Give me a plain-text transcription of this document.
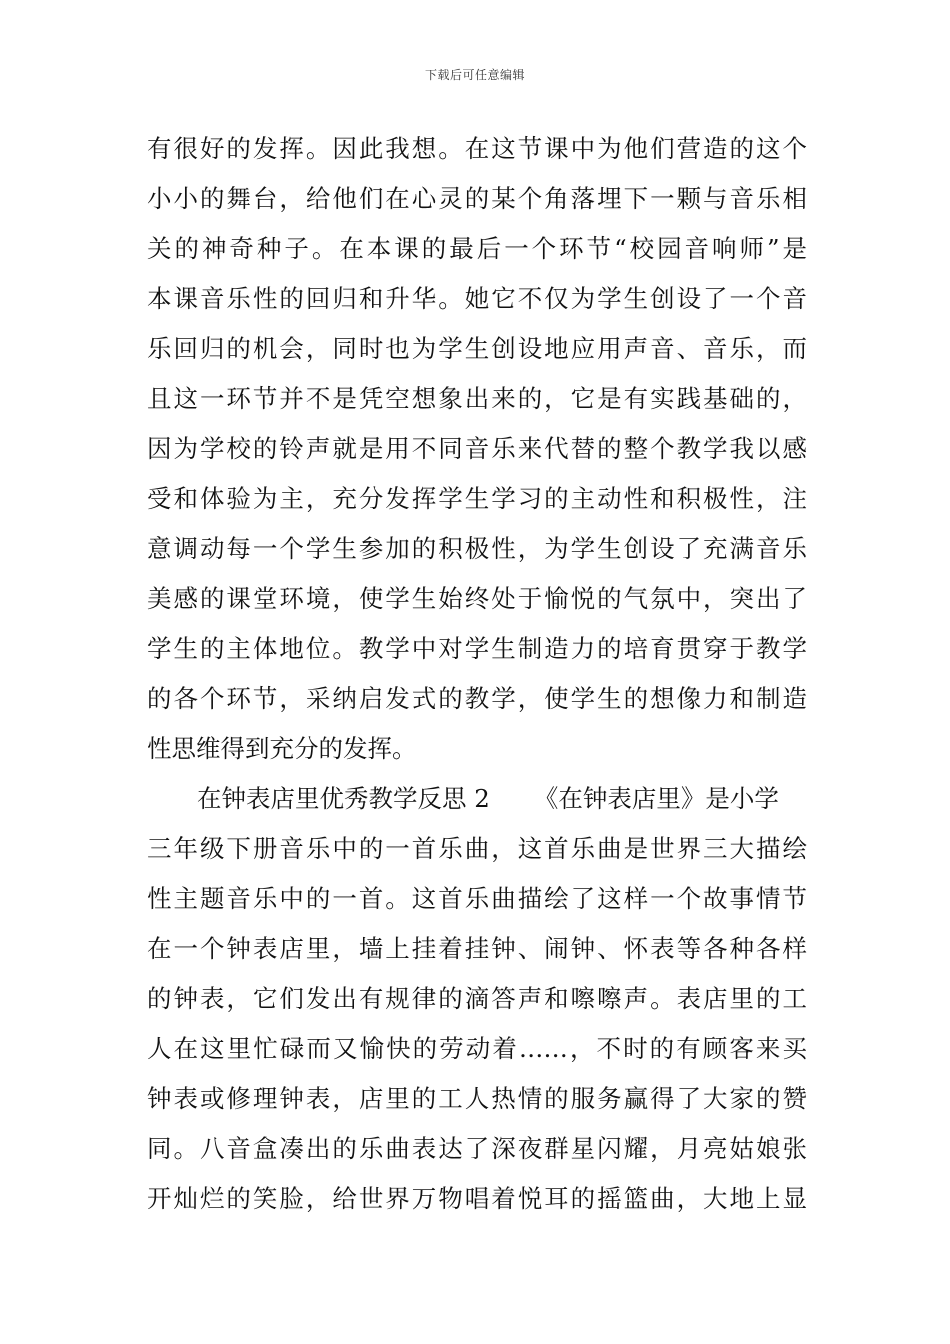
下载后可任意编辑
有很好的发挥。因此我想。在这节课中为他们营造的这个
小小的舞台，给他们在心灵的某个角落埋下一颗与音乐相
关的神奇种子。在本课的最后一个环节“校园音响师”是
本课音乐性的回归和升华。她它不仅为学生创设了一个音
乐回归的机会，同时也为学生创设地应用声音、音乐，而
且这一环节并不是凭空想象出来的，它是有实践基础的，
因为学校的铃声就是用不同音乐来代替的整个教学我以感
受和体验为主，充分发挥学生学习的主动性和积极性，注
意调动每一个学生参加的积极性，为学生创设了充满音乐
美感的课堂环境，使学生始终处于愉悦的气氛中，突出了
学生的主体地位。教学中对学生制造力的培育贯穿于教学
的各个环节，采纳启发式的教学，使学生的想像力和制造
性思维得到充分的发挥。
在钟表店里优秀教学反思 2 《在钟表店里》是小学
三年级下册音乐中的一首乐曲，这首乐曲是世界三大描绘
性主题音乐中的一首。这首乐曲描绘了这样一个故事情节
在一个钟表店里，墙上挂着挂钟、闹钟、怀表等各种各样
的钟表，它们发出有规律的滴答声和嚓嚓声。表店里的工
人在这里忙碌而又愉快的劳动着……，不时的有顾客来买
钟表或修理钟表，店里的工人热情的服务赢得了大家的赞
同。八音盒凑出的乐曲表达了深夜群星闪耀，月亮姑娘张
开灿烂的笑脸，给世界万物唱着悦耳的摇篮曲，大地上显
